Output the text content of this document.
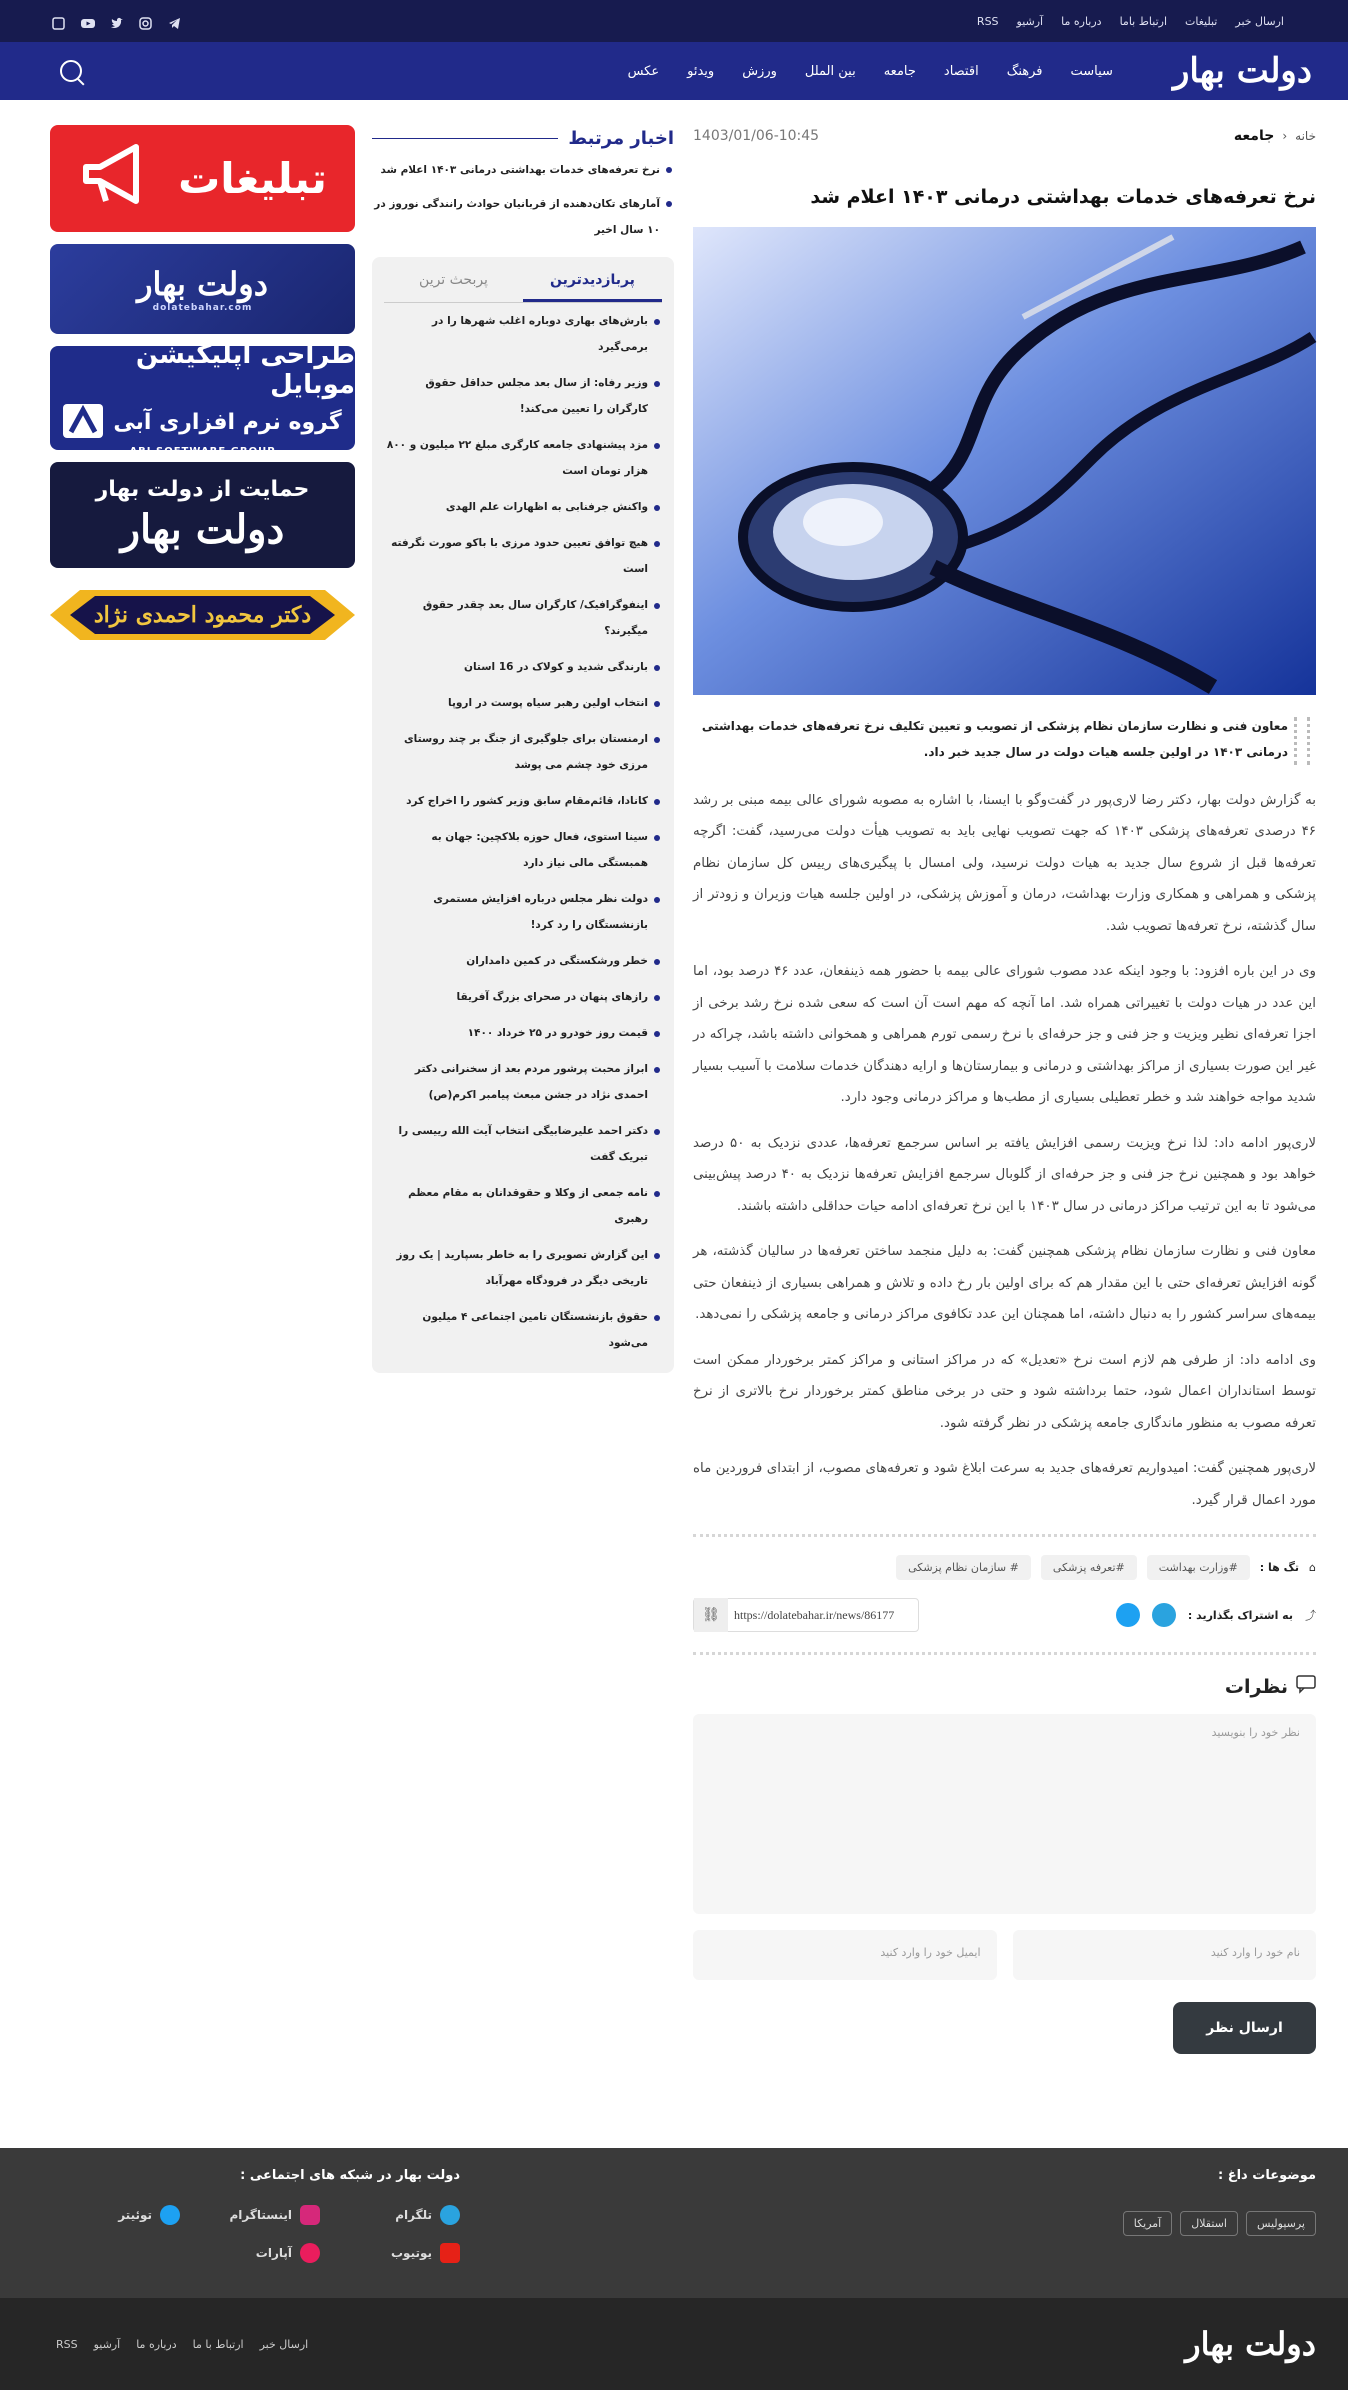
ارسال خبر
تبلیغات
ارتباط باما
درباره ما
آرشیو
RSS
دولت بهار
سیاست
فرهنگ
اقتصاد
جامعه
بین الملل
ورزش
ویدئو
عکس
خانه
‹
جامعه
1403/01/06-10:45
نرخ تعرفه‌های خدمات بهداشتی درمانی ۱۴۰۳ اعلام شد
معاون فنی و نظارت سازمان نظام پزشکی از تصویب و تعیین تکلیف نرخ تعرفه‌های خدمات بهداشتی درمانی ۱۴۰۳ در اولین جلسه هیات دولت در سال جدید خبر داد.

به گزارش دولت بهار، دکتر رضا لاری‌پور در گفت‌وگو با ایسنا، با اشاره به مصوبه شورای عالی بیمه مبنی بر رشد ۴۶ درصدی تعرفه‌های پزشکی ۱۴۰۳ که جهت تصویب نهایی باید به تصویب هیأت دولت می‌رسید، گفت: اگرچه تعرفه‌ها قبل از شروع سال جدید به هیات دولت نرسید، ولی امسال با پیگیری‌های رییس کل سازمان نظام پزشکی و همراهی و همکاری وزارت بهداشت، درمان و آموزش پزشکی، در اولین جلسه هیات وزیران و زودتر از سال گذشته، نرخ تعرفه‌ها تصویب شد.

وی در این باره افزود: با وجود اینکه عدد مصوب شورای عالی بیمه با حضور همه ذینفعان، عدد ۴۶ درصد بود، اما این عدد در هیات دولت با تغییراتی همراه شد. اما آنچه که مهم است آن است که سعی شده نرخ رشد برخی از اجزا تعرفه‌ای نظیر ویزیت و جز فنی و جز حرفه‌ای با نرخ رسمی تورم همراهی و همخوانی داشته باشد، چراکه در غیر این صورت بسیاری از مراکز بهداشتی و درمانی و بیمارستان‌ها و ارایه دهندگان خدمات سلامت با آسیب بسیار شدید مواجه خواهند شد و خطر تعطیلی بسیاری از مطب‌ها و مراکز درمانی وجود دارد.

لاری‌پور ادامه داد: لذا نرخ ویزیت رسمی افزایش یافته بر اساس سرجمع تعرفه‌ها، عددی نزدیک به ۵۰ درصد خواهد بود و همچنین نرخ جز فنی و جز حرفه‌ای از گلوبال سرجمع افزایش تعرفه‌ها نزدیک به ۴۰ درصد پیش‌بینی می‌شود تا به این ترتیب مراکز درمانی در سال ۱۴۰۳ با این نرخ تعرفه‌ای ادامه حیات حداقلی داشته باشند.

معاون فنی و نظارت سازمان نظام پزشکی همچنین گفت: به دلیل منجمد ساختن تعرفه‌ها در سالیان گذشته، هر گونه افزایش تعرفه‌ای حتی با این مقدار هم که برای اولین بار رخ داده و تلاش و همراهی بسیاری از ذینفعان حتی بیمه‌های سراسر کشور را به دنبال داشته، اما همچنان این عدد تکافوی مراکز درمانی و جامعه پزشکی را نمی‌دهد.

وی ادامه داد: از طرفی هم لازم است نرخ «تعدیل» که در مراکز استانی و مراکز کمتر برخوردار ممکن است توسط استانداران اعمال شود، حتما برداشته شود و حتی در برخی مناطق کمتر برخوردار نرخ بالاتری از نرخ تعرفه مصوب به منظور ماندگاری جامعه پزشکی در نظر گرفته شود.

لاری‌پور همچنین گفت: امیدواریم تعرفه‌های جدید به سرعت ابلاغ شود و تعرفه‌های مصوب، از ابتدای فروردین ماه مورد اعمال قرار گیرد.

⌂
تگ ها :
#وزارت بهداشت
#تعرفه پزشکی
# سازمان نظام پزشکی
⤴
به اشتراک بگذارید :
⛓	https://dolatebahar.ir/news/86177
نظرات
نظر خود را بنویسید
نام خود را وارد کنید
ایمیل خود را وارد کنید
ارسال نظر
اخبار مرتبط
نرخ تعرفه‌های خدمات بهداشتی درمانی ۱۴۰۳ اعلام شد
آمارهای تکان‌دهنده از قربانیان حوادث رانندگی نوروز در ۱۰ سال اخیر
پربازدیدترین
پربحث ترین
بارش‌های بهاری دوباره اغلب شهرها را در برمی‌گیرد
وزیر رفاه: از سال بعد مجلس حداقل حقوق کارگران را تعیین می‌کند!
مزد پیشنهادی جامعه کارگری مبلغ ۲۲ میلیون و ۸۰۰ هزار تومان است
واکنش جرفنابی به اظهارات علم الهدی
هیچ توافق تعیین حدود مرزی با باکو صورت نگرفته است
اینفوگرافیک/ کارگران سال بعد چقدر حقوق میگیرند؟
بارندگی شدید و کولاک در 16 استان
انتخاب اولین رهبر سیاه پوست در اروپا
ارمنستان برای جلوگیری از جنگ بر چند روستای مرزی خود چشم می پوشد
کانادا، قائم‌مقام سابق وزیر کشور را اخراج کرد
سینا استوی، فعال حوزه بلاکچین: جهان به همبستگی مالی نیاز دارد
دولت نظر مجلس درباره افزایش مستمری بازنشستگان را رد کرد!
خطر ورشکستگی در کمین دامداران
رازهای پنهان در صحرای بزرگ آفریقا
قیمت روز خودرو در ۲۵ خرداد ۱۴۰۰
ابراز محبت پرشور مردم بعد از سخنرانی دکتر احمدی نژاد در جشن مبعث پیامبر اکرم(ص)
دکتر احمد علیرضابیگی انتخاب آیت الله رییسی را تبریک گفت
نامه جمعی از وکلا و حقوقدانان به مقام معظم رهبری
این گزارش تصویری را به خاطر بسپارید | یک روز تاریخی دیگر در فرودگاه مهرآباد
حقوق بازنشستگان تامین اجتماعی ۴ میلیون می‌شود
تبلیغات
دولت بهار
dolatebahar.com
طراحی اپلیکیشن موبایل
گروه نرم افزاری آبی
ABI SOFTWARE GROUP
حمایت از دولت بهار
دولت بهار
دکتر محمود احمدی نژاد
موضوعات داغ :
پرسپولیس
استقلال
آمریکا
دولت بهار در شبکه های اجتماعی :
تلگرام
اینستاگرام
توئیتر
یوتیوب
آپارات
دولت بهار
ارسال خبر
ارتباط با ما
درباره ما
آرشیو
RSS
